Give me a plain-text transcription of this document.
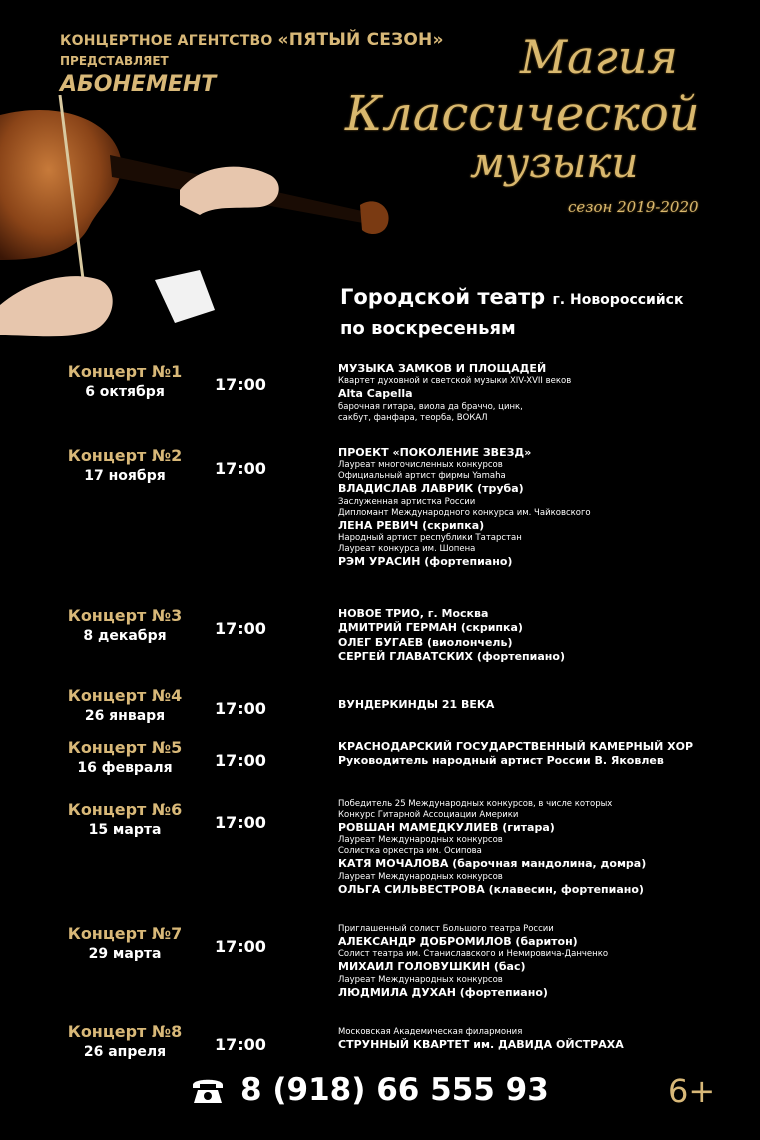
КОНЦЕРТНОЕ АГЕНТСТВО «ПЯТЫЙ СЕЗОН»
ПРЕДСТАВЛЯЕТ
АБОНЕМЕНТ
Магия
Классической
музыки
сезон 2019-2020
Городской театр г. Новороссийск
по воскресеньям
Концерт №1
6 октября	17:00
МУЗЫКА ЗАМКОВ И ПЛОЩАДЕЙ
Квартет духовной и светской музыки XIV-XVII веков
Alta Capella
барочная гитара, виола да браччо, цинк,
сакбут, фанфара, теорба, ВОКАЛ
Концерт №2
17 ноября	17:00
ПРОЕКТ «ПОКОЛЕНИЕ ЗВЕЗД»
Лауреат многочисленных конкурсов
Официальный артист фирмы Yamaha
ВЛАДИСЛАВ ЛАВРИК (труба)
Заслуженная артистка России
Дипломант Международного конкурса им. Чайковского
ЛЕНА РЕВИЧ (скрипка)
Народный артист республики Татарстан
Лауреат конкурса им. Шопена
РЭМ УРАСИН (фортепиано)
Концерт №3
8 декабря	17:00
НОВОЕ ТРИО, г. Москва
ДМИТРИЙ ГЕРМАН (скрипка)
ОЛЕГ БУГАЕВ (виолончель)
СЕРГЕЙ ГЛАВАТСКИХ (фортепиано)
Концерт №4
26 января	17:00	ВУНДЕРКИНДЫ 21 ВЕКА
Концерт №5
16 февраля	17:00
КРАСНОДАРСКИЙ ГОСУДАРСТВЕННЫЙ КАМЕРНЫЙ ХОР
Руководитель народный артист России В. Яковлев
Концерт №6
15 марта	17:00
Победитель 25 Международных конкурсов, в числе которых
Конкурс Гитарной Ассоциации Америки
РОВШАН МАМЕДКУЛИЕВ (гитара)
Лауреат Международных конкурсов
Солистка оркестра им. Осипова
КАТЯ МОЧАЛОВА (барочная мандолина, домра)
Лауреат Международных конкурсов
ОЛЬГА СИЛЬВЕСТРОВА (клавесин, фортепиано)
Концерт №7
29 марта	17:00
Приглашенный солист Большого театра России
АЛЕКСАНДР ДОБРОМИЛОВ (баритон)
Солист театра им. Станиславского и Немировича-Данченко
МИХАИЛ ГОЛОВУШКИН (бас)
Лауреат Международных конкурсов
ЛЮДМИЛА ДУХАН (фортепиано)
Концерт №8
26 апреля	17:00
Московская Академическая филармония
СТРУННЫЙ КВАРТЕТ им. ДАВИДА ОЙСТРАХА
8 (918) 66 555 93	6+
